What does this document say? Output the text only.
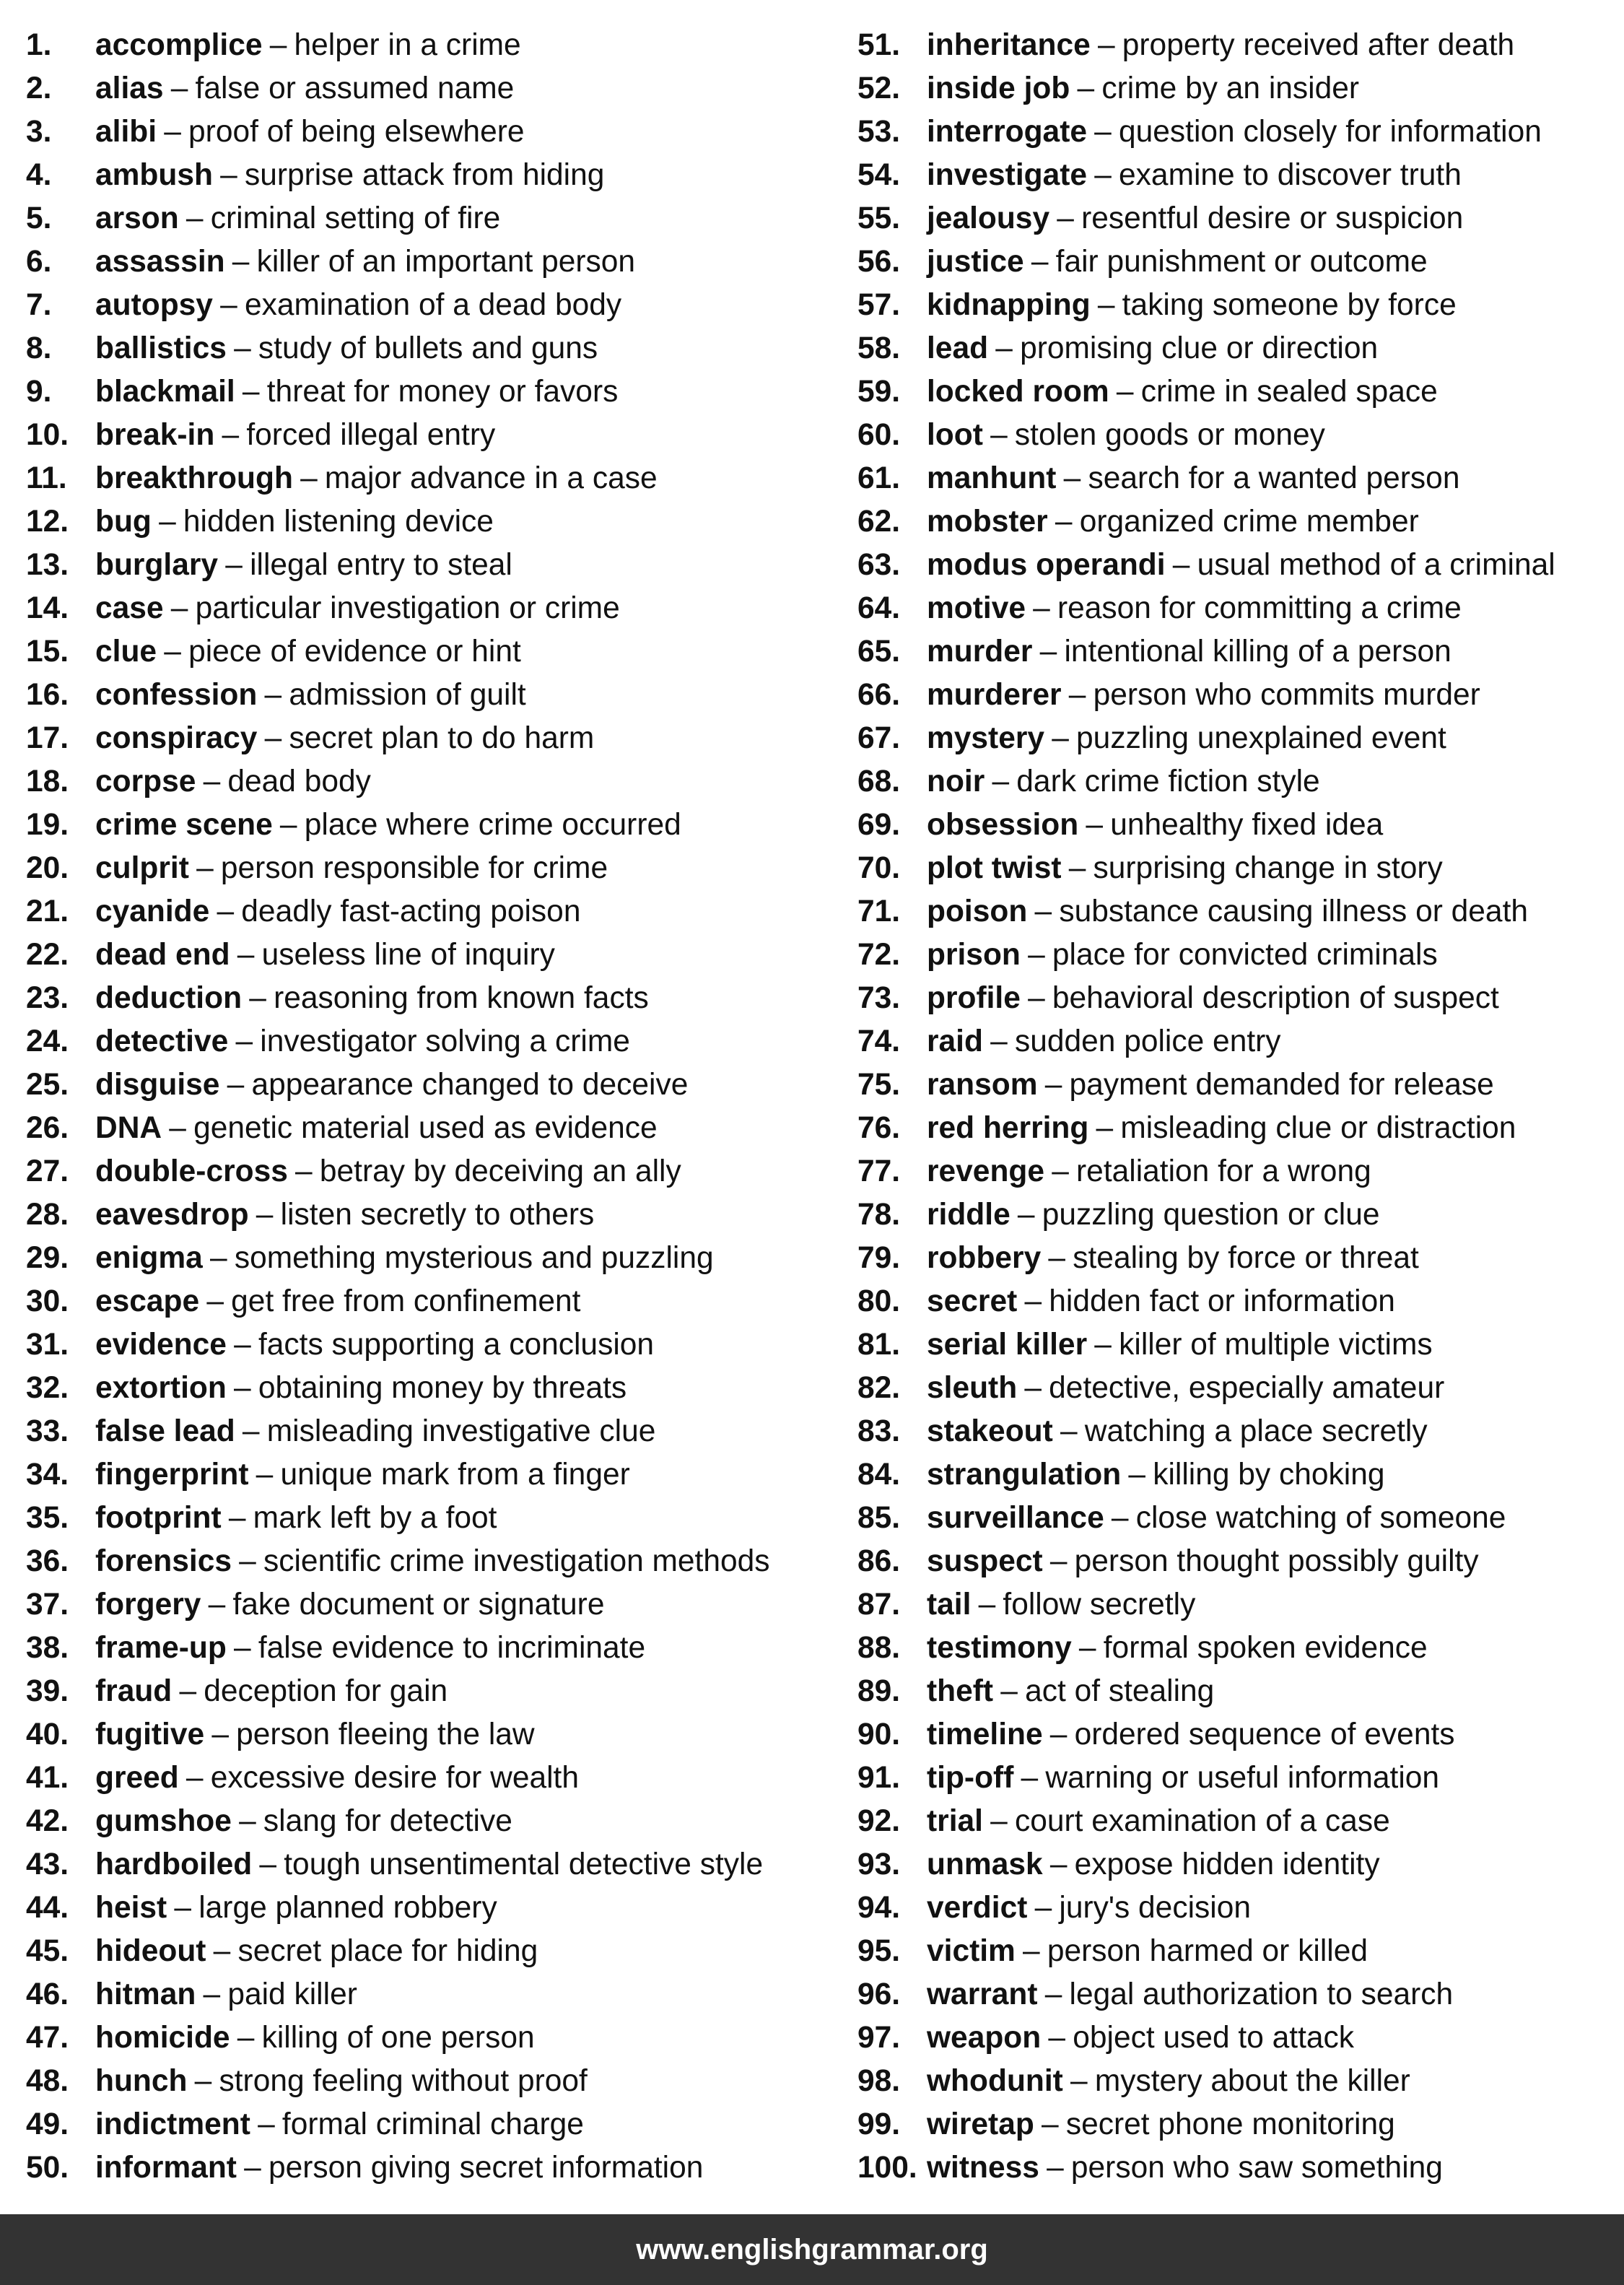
1.	accomplice – helper in a crime
2.	alias – false or assumed name
3.	alibi – proof of being elsewhere
4.	ambush – surprise attack from hiding
5.	arson – criminal setting of fire
6.	assassin – killer of an important person
7.	autopsy – examination of a dead body
8.	ballistics – study of bullets and guns
9.	blackmail – threat for money or favors
10. break-in – forced illegal entry
11. breakthrough – major advance in a case
12. bug – hidden listening device
13. burglary – illegal entry to steal
14. case – particular investigation or crime
15. clue – piece of evidence or hint
16. confession – admission of guilt
17. conspiracy – secret plan to do harm
18. corpse – dead body
19. crime scene – place where crime occurred
20. culprit – person responsible for crime
21. cyanide – deadly fast-acting poison
22. dead end – useless line of inquiry
23. deduction – reasoning from known facts
24. detective – investigator solving a crime
25. disguise – appearance changed to deceive
26. DNA – genetic material used as evidence
27. double-cross – betray by deceiving an ally
28. eavesdrop – listen secretly to others
29. enigma – something mysterious and puzzling
30. escape – get free from confinement
31. evidence – facts supporting a conclusion
32. extortion – obtaining money by threats
33. false lead – misleading investigative clue
34. fingerprint – unique mark from a finger
35. footprint – mark left by a foot
36. forensics – scientific crime investigation methods
37. forgery – fake document or signature
38. frame-up – false evidence to incriminate
39. fraud – deception for gain
40. fugitive – person fleeing the law
41. greed – excessive desire for wealth
42. gumshoe – slang for detective
43. hardboiled – tough unsentimental detective style
44. heist – large planned robbery
45. hideout – secret place for hiding
46. hitman – paid killer
47. homicide – killing of one person
48. hunch – strong feeling without proof
49. indictment – formal criminal charge
50. informant – person giving secret information
51. inheritance – property received after death
52. inside job – crime by an insider
53. interrogate – question closely for information
54. investigate – examine to discover truth
55. jealousy – resentful desire or suspicion
56. justice – fair punishment or outcome
57. kidnapping – taking someone by force
58. lead – promising clue or direction
59. locked room – crime in sealed space
60. loot – stolen goods or money
61. manhunt – search for a wanted person
62. mobster – organized crime member
63. modus operandi – usual method of a criminal
64. motive – reason for committing a crime
65. murder – intentional killing of a person
66. murderer – person who commits murder
67. mystery – puzzling unexplained event
68. noir – dark crime fiction style
69. obsession – unhealthy fixed idea
70. plot twist – surprising change in story
71. poison – substance causing illness or death
72. prison – place for convicted criminals
73. profile – behavioral description of suspect
74. raid – sudden police entry
75. ransom – payment demanded for release
76. red herring – misleading clue or distraction
77. revenge – retaliation for a wrong
78. riddle – puzzling question or clue
79. robbery – stealing by force or threat
80. secret – hidden fact or information
81. serial killer – killer of multiple victims
82. sleuth – detective, especially amateur
83. stakeout – watching a place secretly
84. strangulation – killing by choking
85. surveillance – close watching of someone
86. suspect – person thought possibly guilty
87. tail – follow secretly
88. testimony – formal spoken evidence
89. theft – act of stealing
90. timeline – ordered sequence of events
91. tip-off – warning or useful information
92. trial – court examination of a case
93. unmask – expose hidden identity
94. verdict – jury's decision
95. victim – person harmed or killed
96. warrant – legal authorization to search
97. weapon – object used to attack
98. whodunit – mystery about the killer
99. wiretap – secret phone monitoring
100. witness – person who saw something
www.englishgrammar.org
